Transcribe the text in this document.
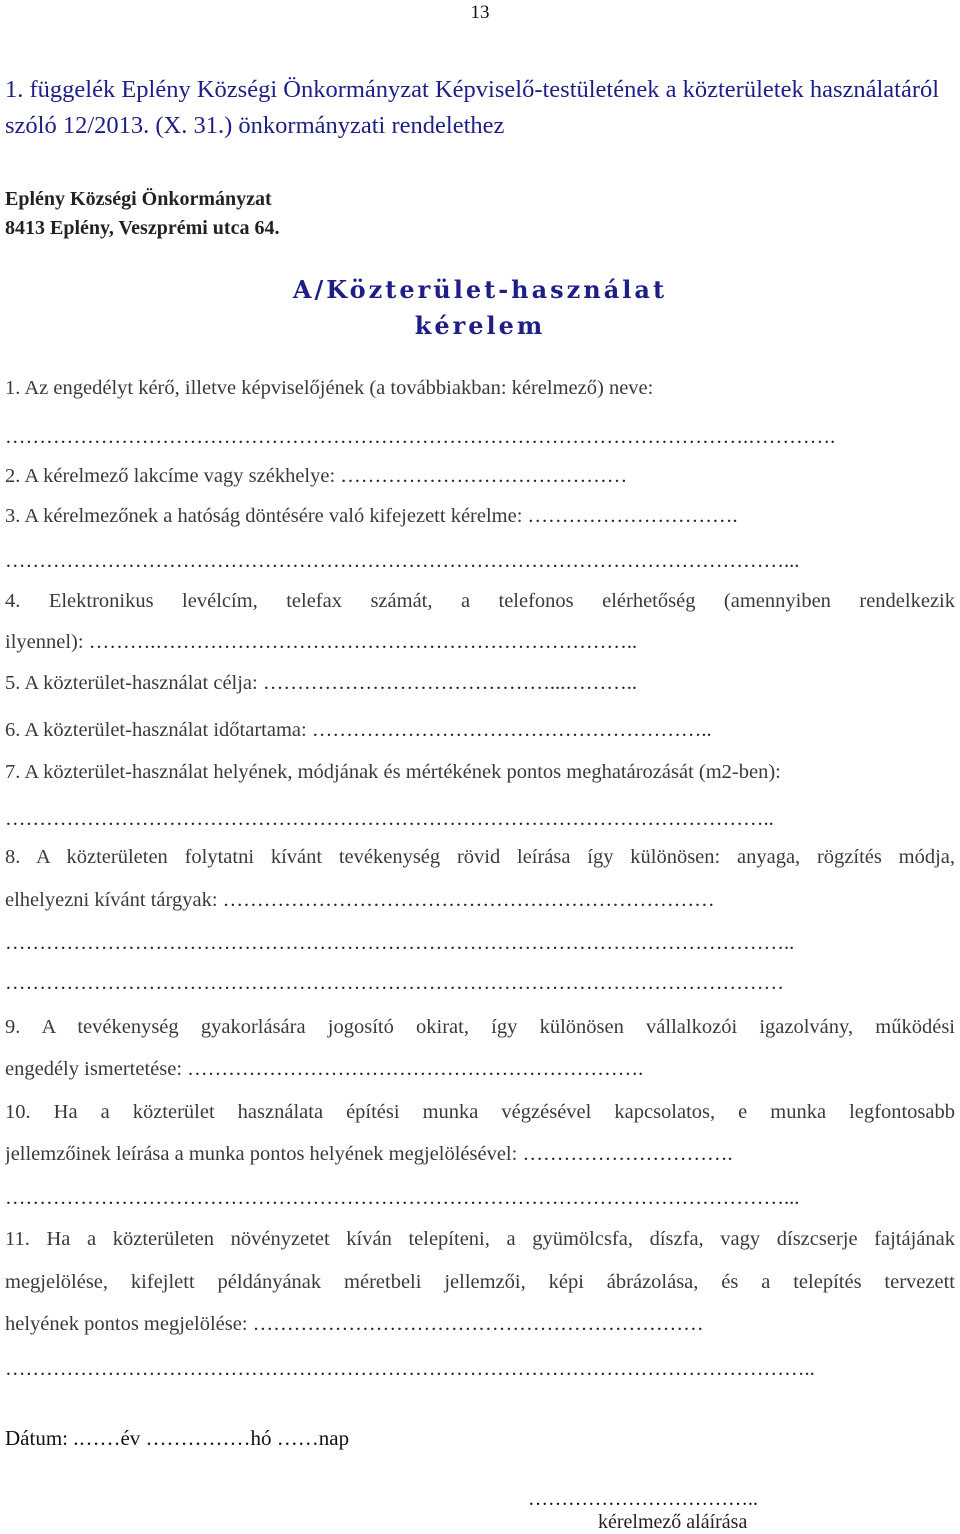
13
1. függelék Eplény Községi Önkormányzat Képviselő-testületének a közterületek használatáról szóló 12/2013. (X. 31.) önkormányzati rendelethez
Eplény Községi Önkormányzat
8413 Eplény, Veszprémi utca 64.
A/Közterület-használat
kérelem
1. Az engedélyt kérő, illetve képviselőjének (a továbbiakban: kérelmező) neve:
……………………………………………………………………………………………….………….
2. A kérelmező lakcíme vagy székhelye: ……………………………………
3. A kérelmezőnek a hatóság döntésére való kifejezett kérelme: ………………………….
……………………………………………………………………………………………………...
4. Elektronikus levélcím, telefax számát, a telefonos elérhetőség (amennyiben rendelkezik
ilyennel): ……….……………………………………………………………..
5. A közterület-használat célja: ……………………………………...………..
6. A közterület-használat időtartama: …………………………………………………..
7. A közterület-használat helyének, módjának és mértékének pontos meghatározását (m2-ben):
…………………………………………………………………………………………………..
8. A közterületen folytatni kívánt tevékenység rövid leírása így különösen: anyaga, rögzítés módja,
elhelyezni kívánt tárgyak: ………………………………………………………………
……………………………………………………………………………………………………..
……………………………………………………………………………………………………
9. A tevékenység gyakorlására jogosító okirat, így különösen vállalkozói igazolvány, működési
engedély ismertetése: ………………………………………………………….
10. Ha a közterület használata építési munka végzésével kapcsolatos, e munka legfontosabb
jellemzőinek leírása a munka pontos helyének megjelölésével: ………………………….
……………………………………………………………………………………………………...
11. Ha a közterületen növényzetet kíván telepíteni, a gyümölcsfa, díszfa, vagy díszcserje fajtájának
megjelölése, kifejlett példányának méretbeli jellemzői, képi ábrázolása, és a telepítés tervezett
helyének pontos megjelölése: …………………………………………………………
………………………………………………………………………………………………………..
Dátum: .……év ……………hó ……nap
……………………………..
kérelmező aláírása
